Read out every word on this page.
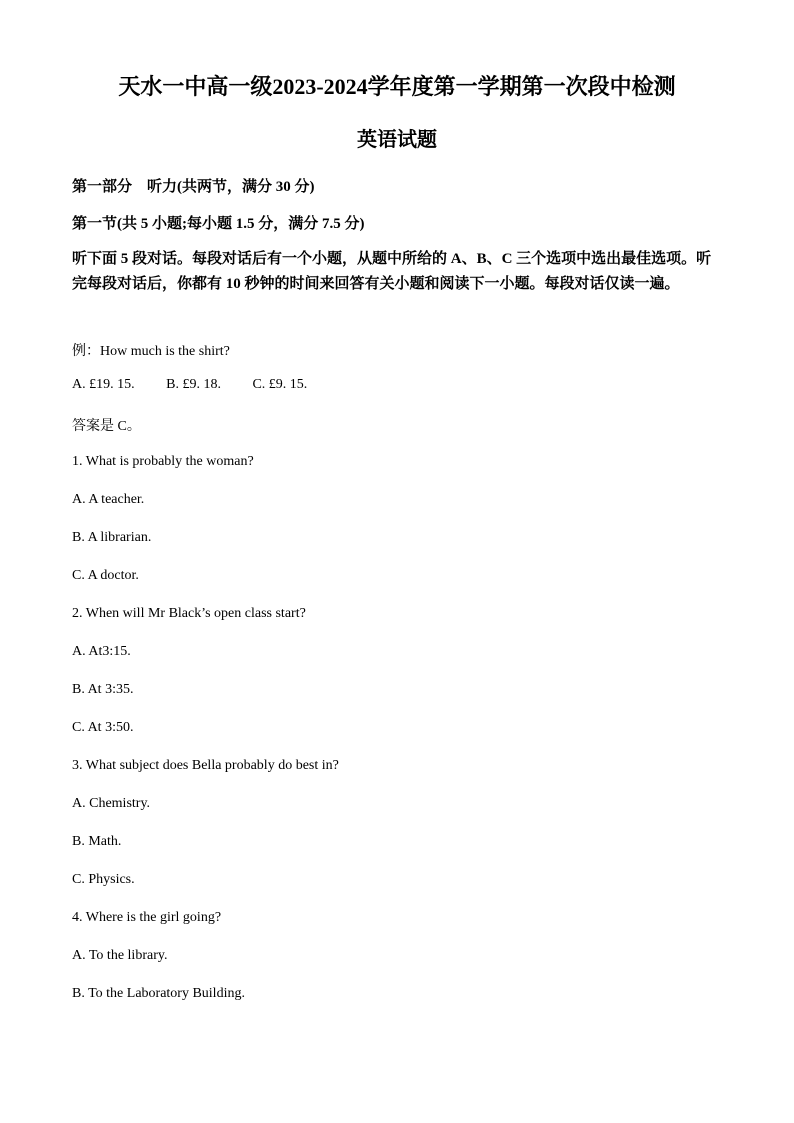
天水一中高一级2023-2024学年度第一学期第一次段中检测
英语试题
第一部分　听力(共两节，满分 30 分)
第一节(共 5 小题;每小题 1.5 分，满分 7.5 分)
听下面 5 段对话。每段对话后有一个小题，从题中所给的 A、B、C 三个选项中选出最佳选项。听完每段对话后，你都有 10 秒钟的时间来回答有关小题和阅读下一小题。每段对话仅读一遍。
例：How much is the shirt?
A. £19. 15. B. £9. 18. C. £9. 15.
答案是 C。
1. What is probably the woman?
A. A teacher.
B. A librarian.
C. A doctor.
2. When will Mr Black’s open class start?
A. At3:15.
B. At 3:35.
C. At 3:50.
3. What subject does Bella probably do best in?
A. Chemistry.
B. Math.
C. Physics.
4. Where is the girl going?
A. To the library.
B. To the Laboratory Building.
